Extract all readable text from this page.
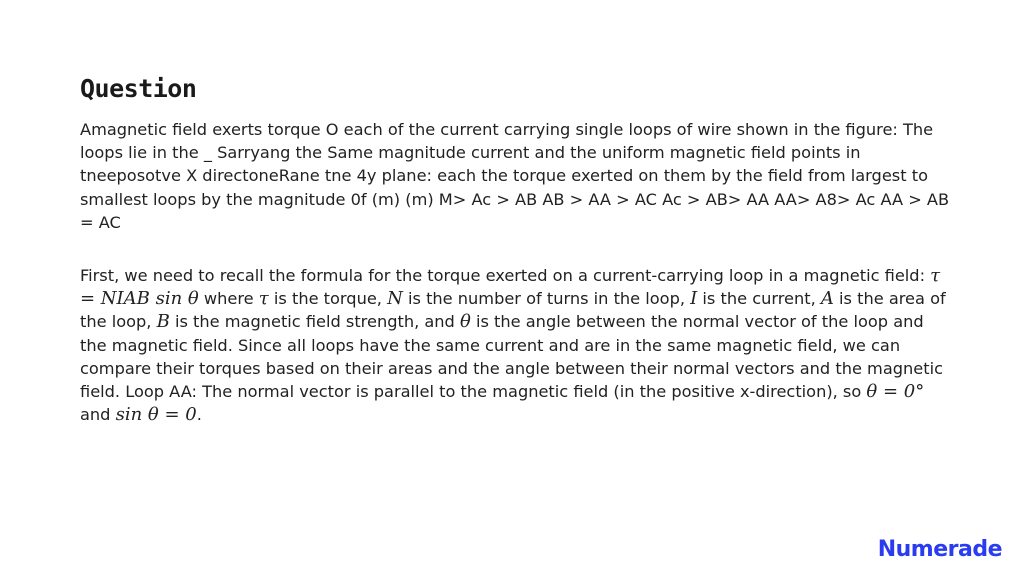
Question

Amagnetic field exerts torque O each of the current carrying single loops of wire shown in the figure: The loops lie in the _ Sarryang the Same magnitude current and the uniform magnetic field points in tneeposotve X directoneRane tne 4y plane: each the torque exerted on them by the field from largest to smallest loops by the magnitude 0f (m) (m) M> Ac > AB AB > AA > AC Ac > AB> AA AA> A8> Ac AA > AB = AC

First, we need to recall the formula for the torque exerted on a current-carrying loop in a magnetic field: τ = NIAB sin θ where τ is the torque, N is the number of turns in the loop, I is the current, A is the area of the loop, B is the magnetic field strength, and θ is the angle between the normal vector of the loop and the magnetic field. Since all loops have the same current and are in the same magnetic field, we can compare their torques based on their areas and the angle between their normal vectors and the magnetic field. Loop AA: The normal vector is parallel to the magnetic field (in the positive x-direction), so θ = 0° and sin θ = 0.

Numerade
